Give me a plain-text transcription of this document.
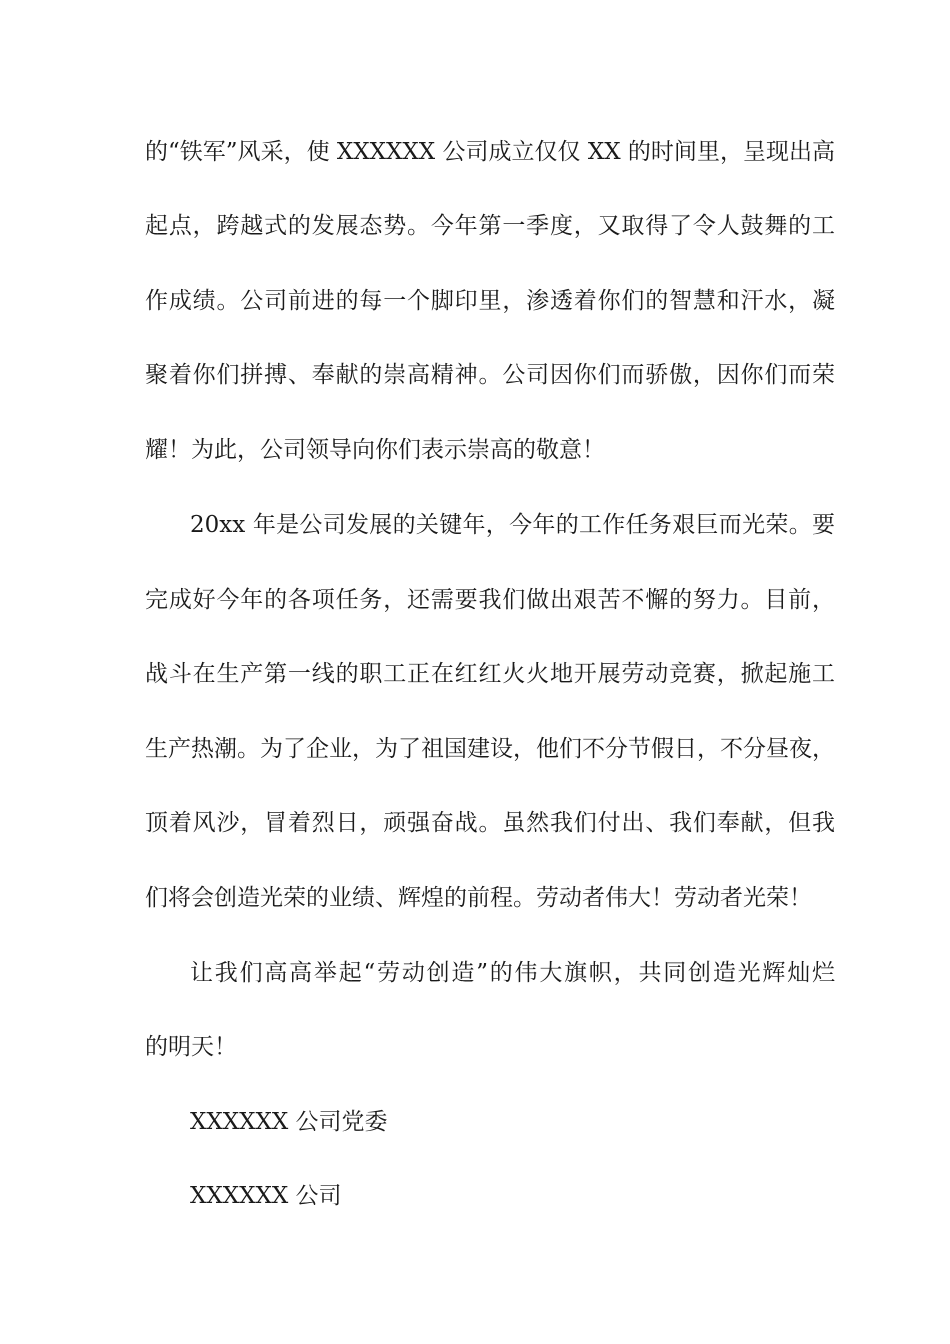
的“铁军”风采，使 XXXXXX 公司成立仅仅 XX 的时间里，呈现出高
起点，跨越式的发展态势。今年第一季度，又取得了令人鼓舞的工
作成绩。公司前进的每一个脚印里，渗透着你们的智慧和汗水，凝
聚着你们拼搏、奉献的崇高精神。公司因你们而骄傲，因你们而荣
耀！为此，公司领导向你们表示崇高的敬意！
20xx 年是公司发展的关键年，今年的工作任务艰巨而光荣。要
完成好今年的各项任务，还需要我们做出艰苦不懈的努力。目前，
战斗在生产第一线的职工正在红红火火地开展劳动竞赛，掀起施工
生产热潮。为了企业，为了祖国建设，他们不分节假日，不分昼夜，
顶着风沙，冒着烈日，顽强奋战。虽然我们付出、我们奉献，但我
们将会创造光荣的业绩、辉煌的前程。劳动者伟大！劳动者光荣！
让我们高高举起“劳动创造”的伟大旗帜，共同创造光辉灿烂
的明天！
XXXXXX 公司党委
XXXXXX 公司
